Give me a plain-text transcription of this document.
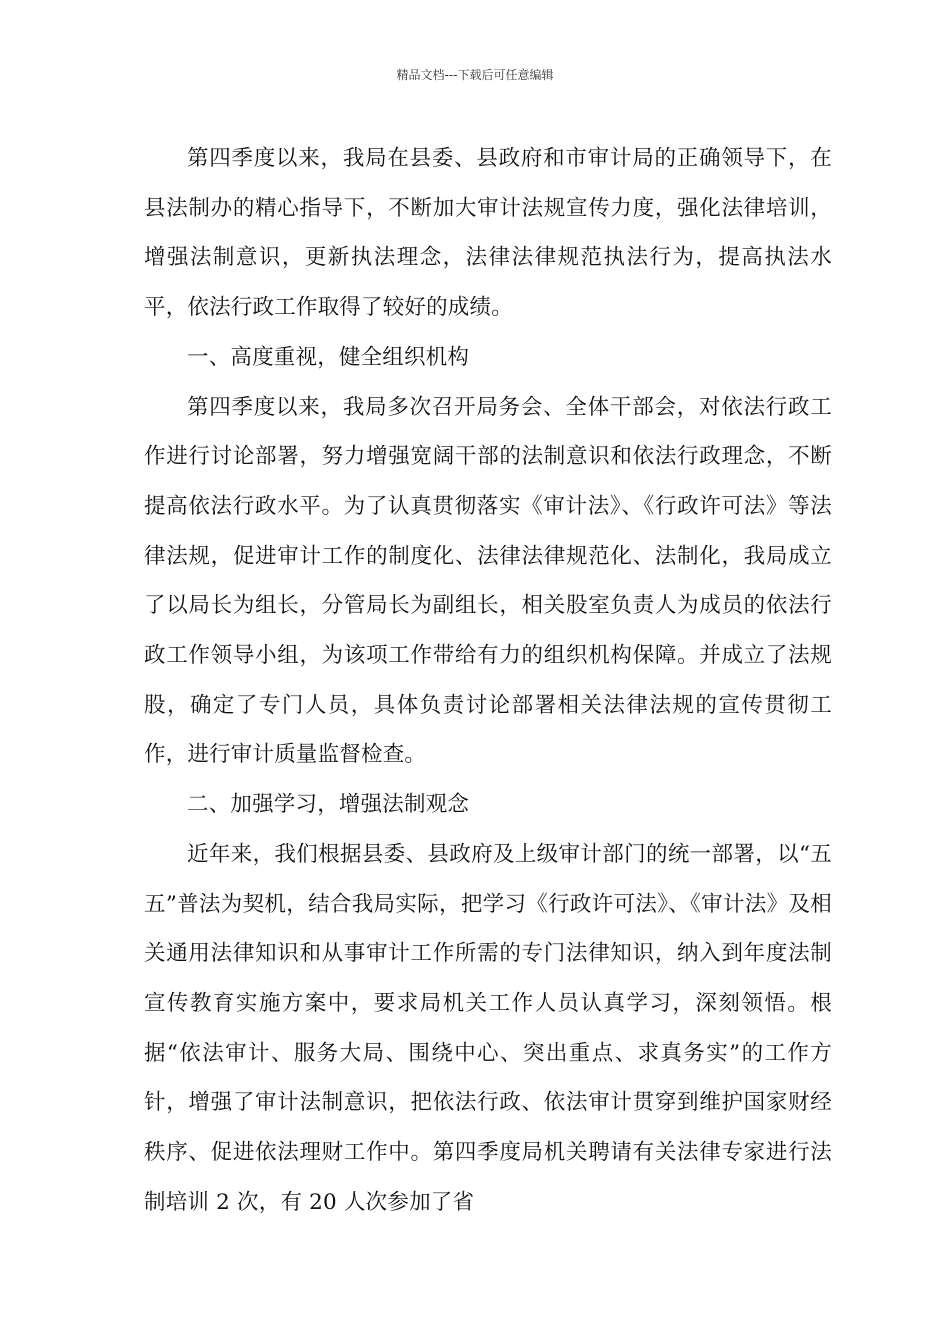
精品文档---下载后可任意编辑

第四季度以来，我局在县委、县政府和市审计局的正确领导下，在县法制办的精心指导下，不断加大审计法规宣传力度，强化法律培训，增强法制意识，更新执法理念，法律法律规范执法行为，提高执法水平，依法行政工作取得了较好的成绩。

一、高度重视，健全组织机构

第四季度以来，我局多次召开局务会、全体干部会，对依法行政工作进行讨论部署，努力增强宽阔干部的法制意识和依法行政理念，不断提高依法行政水平。为了认真贯彻落实《审计法》、《行政许可法》等法律法规，促进审计工作的制度化、法律法律规范化、法制化，我局成立了以局长为组长，分管局长为副组长，相关股室负责人为成员的依法行政工作领导小组，为该项工作带给有力的组织机构保障。并成立了法规股，确定了专门人员，具体负责讨论部署相关法律法规的宣传贯彻工作，进行审计质量监督检查。

二、加强学习，增强法制观念

近年来，我们根据县委、县政府及上级审计部门的统一部署，以“五五”普法为契机，结合我局实际，把学习《行政许可法》、《审计法》及相关通用法律知识和从事审计工作所需的专门法律知识，纳入到年度法制宣传教育实施方案中，要求局机关工作人员认真学习，深刻领悟。根据“依法审计、服务大局、围绕中心、突出重点、求真务实”的工作方针，增强了审计法制意识，把依法行政、依法审计贯穿到维护国家财经秩序、促进依法理财工作中。第四季度局机关聘请有关法律专家进行法制培训 2 次，有 20 人次参加了省
